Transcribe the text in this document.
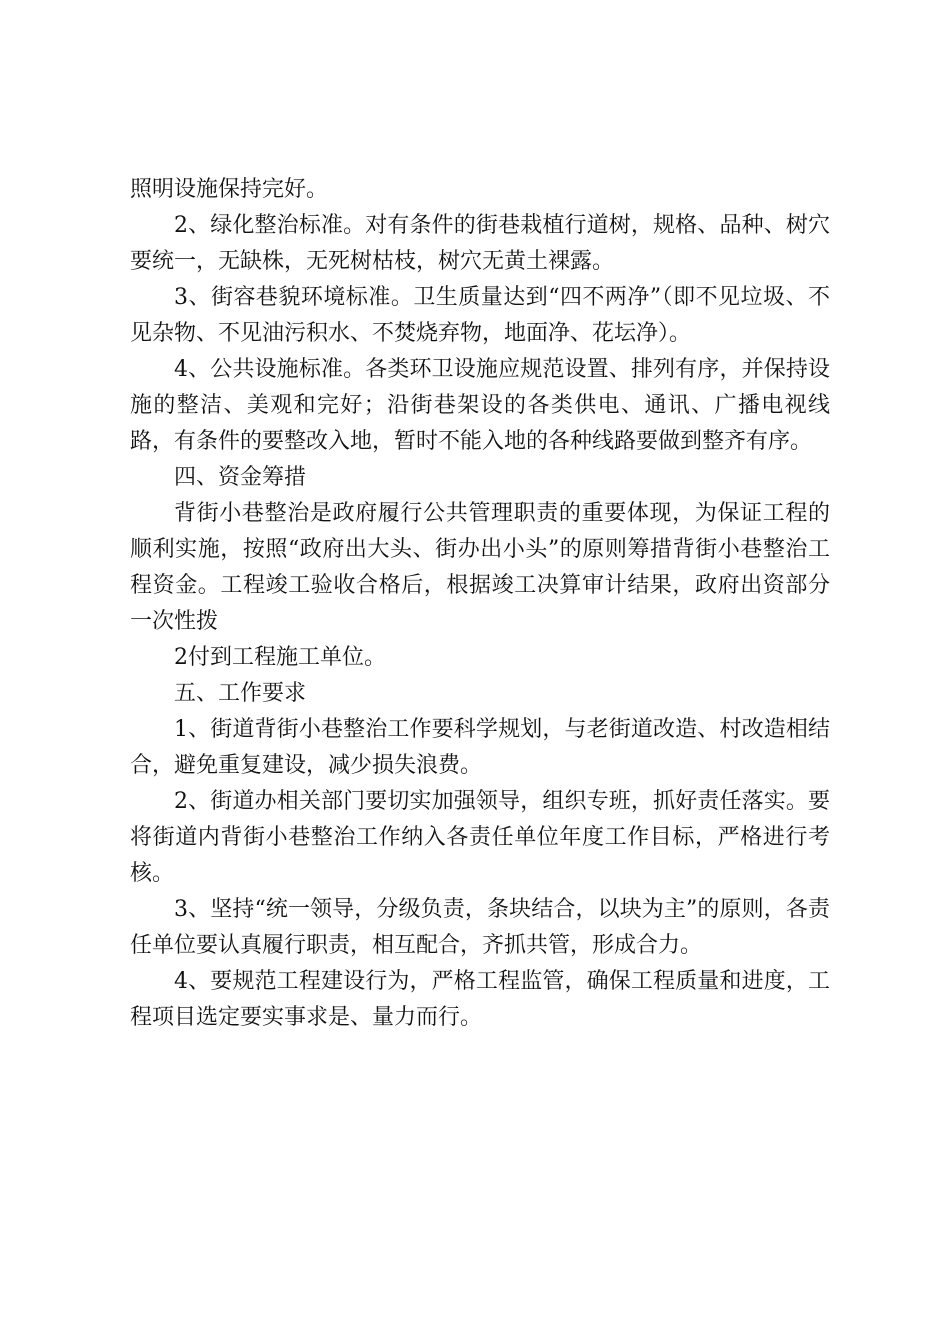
照明设施保持完好。

2、绿化整治标准。对有条件的街巷栽植行道树，规格、品种、树穴要统一，无缺株，无死树枯枝，树穴无黄土裸露。

3、街容巷貌环境标准。卫生质量达到“四不两净”（即不见垃圾、不见杂物、不见油污积水、不焚烧弃物，地面净、花坛净）。

4、公共设施标准。各类环卫设施应规范设置、排列有序，并保持设施的整洁、美观和完好；沿街巷架设的各类供电、通讯、广播电视线路，有条件的要整改入地，暂时不能入地的各种线路要做到整齐有序。

四、资金筹措

背街小巷整治是政府履行公共管理职责的重要体现，为保证工程的顺利实施，按照“政府出大头、街办出小头”的原则筹措背街小巷整治工程资金。工程竣工验收合格后，根据竣工决算审计结果，政府出资部分一次性拨

2付到工程施工单位。

五、工作要求

1、街道背街小巷整治工作要科学规划，与老街道改造、村改造相结合，避免重复建设，减少损失浪费。

2、街道办相关部门要切实加强领导，组织专班，抓好责任落实。要将街道内背街小巷整治工作纳入各责任单位年度工作目标，严格进行考核。

3、坚持“统一领导，分级负责，条块结合，以块为主”的原则，各责任单位要认真履行职责，相互配合，齐抓共管，形成合力。

4、要规范工程建设行为，严格工程监管，确保工程质量和进度，工程项目选定要实事求是、量力而行。
